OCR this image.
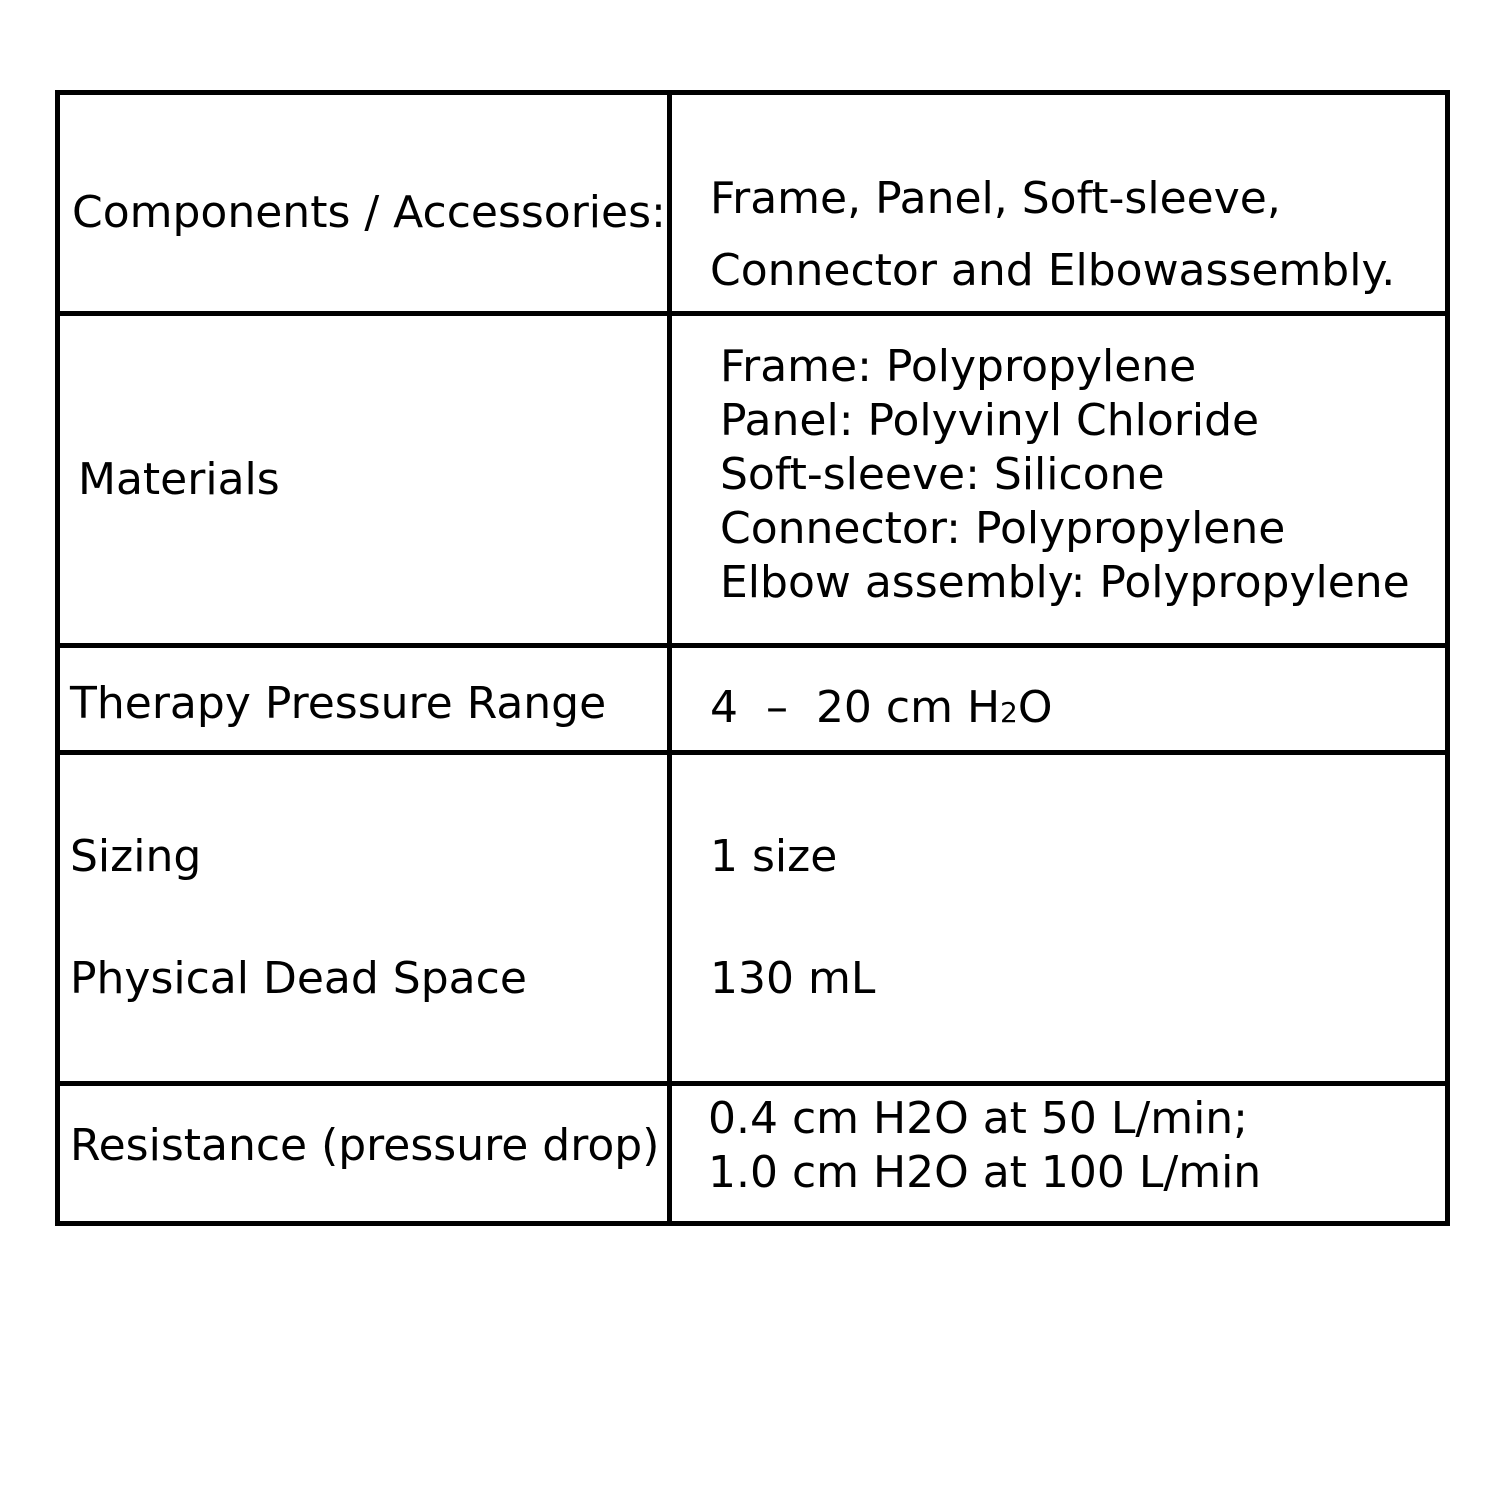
Components / Accessories: Frame, Panel, Soft-sleeve,
Connector and Elbowassembly.
Materials
Frame: Polypropylene
Panel: Polyvinyl Chloride
Soft-sleeve: Silicone
Connector: Polypropylene
Elbow assembly: Polypropylene
Therapy Pressure Range 4  –  20 cm H2O
Sizing	1 size
Physical Dead Space	130 mL
Resistance (pressure drop)
0.4 cm H2O at 50 L/min;
1.0 cm H2O at 100 L/min
